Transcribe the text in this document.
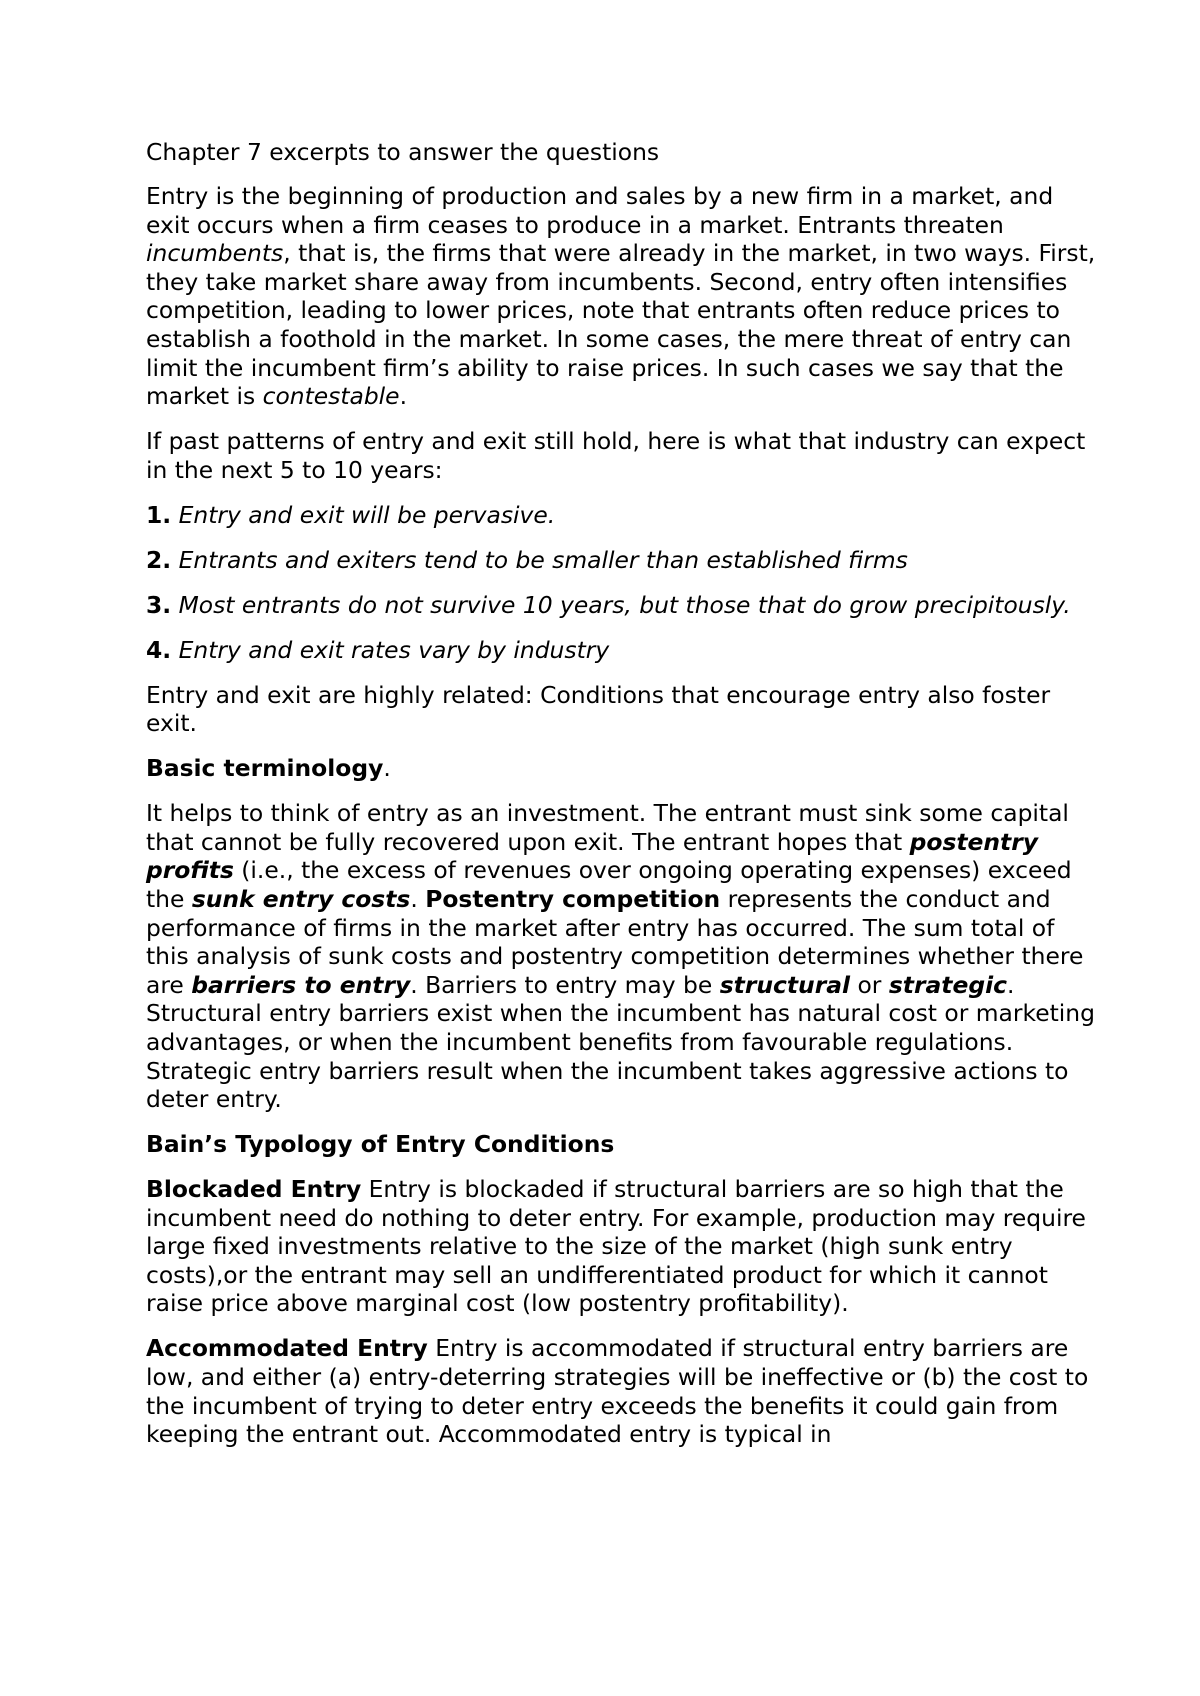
Chapter 7 excerpts to answer the questions

Entry is the beginning of production and sales by a new firm in a market, and exit occurs when a firm ceases to produce in a market. Entrants threaten incumbents, that is, the firms that were already in the market, in two ways. First, they take market share away from incumbents. Second, entry often intensifies competition, leading to lower prices, note that entrants often reduce prices to establish a foothold in the market. In some cases, the mere threat of entry can limit the incumbent firm’s ability to raise prices. In such cases we say that the market is contestable.

If past patterns of entry and exit still hold, here is what that industry can expect in the next 5 to 10 years:

1. Entry and exit will be pervasive.

2. Entrants and exiters tend to be smaller than established firms

3. Most entrants do not survive 10 years, but those that do grow precipitously.

4. Entry and exit rates vary by industry

Entry and exit are highly related: Conditions that encourage entry also foster exit.

Basic terminology.

It helps to think of entry as an investment. The entrant must sink some capital that cannot be fully recovered upon exit. The entrant hopes that postentry profits (i.e., the excess of revenues over ongoing operating expenses) exceed the sunk entry costs. Postentry competition represents the conduct and performance of firms in the market after entry has occurred. The sum total of this analysis of sunk costs and postentry competition determines whether there are barriers to entry. Barriers to entry may be structural or strategic. Structural entry barriers exist when the incumbent has natural cost or marketing advantages, or when the incumbent benefits from favourable regulations. Strategic entry barriers result when the incumbent takes aggressive actions to deter entry.

Bain’s Typology of Entry Conditions

Blockaded Entry Entry is blockaded if structural barriers are so high that the incumbent need do nothing to deter entry. For example, production may require large fixed investments relative to the size of the market (high sunk entry costs),or the entrant may sell an undifferentiated product for which it cannot raise price above marginal cost (low postentry profitability).

Accommodated Entry Entry is accommodated if structural entry barriers are low, and either (a) entry-deterring strategies will be ineffective or (b) the cost to the incumbent of trying to deter entry exceeds the benefits it could gain from keeping the entrant out. Accommodated entry is typical in
